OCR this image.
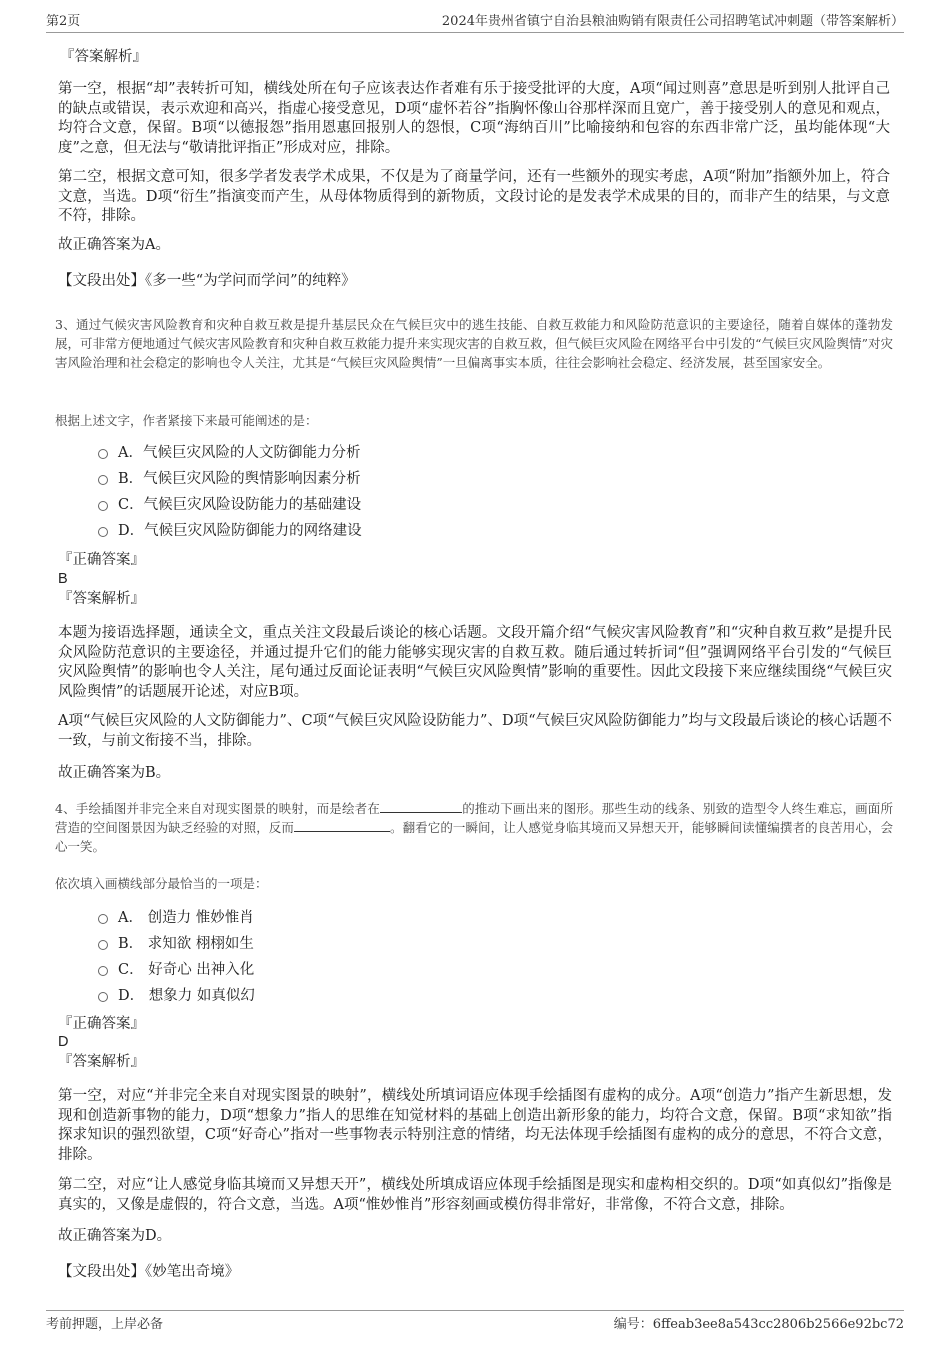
第2页	2024年贵州省镇宁自治县粮油购销有限责任公司招聘笔试冲刺题（带答案解析）
『答案解析』
第一空，根据“却”表转折可知，横线处所在句子应该表达作者难有乐于接受批评的大度，A项“闻过则喜”意思是听到别人批评自己的缺点或错误，表示欢迎和高兴，指虚心接受意见，D项“虚怀若谷”指胸怀像山谷那样深而且宽广，善于接受别人的意见和观点，均符合文意，保留。B项“以德报怨”指用恩惠回报别人的怨恨，C项“海纳百川”比喻接纳和包容的东西非常广泛，虽均能体现“大度”之意，但无法与“敬请批评指正”形成对应，排除。
第二空，根据文意可知，很多学者发表学术成果，不仅是为了商量学问，还有一些额外的现实考虑，A项“附加”指额外加上，符合文意，当选。D项“衍生”指演变而产生，从母体物质得到的新物质，文段讨论的是发表学术成果的目的，而非产生的结果，与文意不符，排除。
故正确答案为A。
【文段出处】《多一些“为学问而学问”的纯粹》
3、通过气候灾害风险教育和灾种自救互救是提升基层民众在气候巨灾中的逃生技能、自救互救能力和风险防范意识的主要途径，随着自媒体的蓬勃发展，可非常方便地通过气候灾害风险教育和灾种自救互救能力提升来实现灾害的自救互救，但气候巨灾风险在网络平台中引发的“气候巨灾风险舆情”对灾害风险治理和社会稳定的影响也令人关注，尤其是“气候巨灾风险舆情”一旦偏离事实本质，往往会影响社会稳定、经济发展，甚至国家安全。
根据上述文字，作者紧接下来最可能阐述的是：
A．气候巨灾风险的人文防御能力分析
B．气候巨灾风险的舆情影响因素分析
C．气候巨灾风险设防能力的基础建设
D．气候巨灾风险防御能力的网络建设
『正确答案』
B
『答案解析』
本题为接语选择题，通读全文，重点关注文段最后谈论的核心话题。文段开篇介绍“气候灾害风险教育”和“灾种自救互救”是提升民众风险防范意识的主要途径，并通过提升它们的能力能够实现灾害的自救互救。随后通过转折词“但”强调网络平台引发的“气候巨灾风险舆情”的影响也令人关注，尾句通过反面论证表明“气候巨灾风险舆情”影响的重要性。因此文段接下来应继续围绕“气候巨灾风险舆情”的话题展开论述，对应B项。
A项“气候巨灾风险的人文防御能力”、C项“气候巨灾风险设防能力”、D项“气候巨灾风险防御能力”均与文段最后谈论的核心话题不一致，与前文衔接不当，排除。
故正确答案为B。
4、手绘插图并非完全来自对现实图景的映射，而是绘者在	的推动下画出来的图形。那些生动的线条、别致的造型令人终生难忘，画面所营造的空间图景因为缺乏经验的对照，反而	。翻看它的一瞬间，让人感觉身临其境而又异想天开，能够瞬间读懂编撰者的良苦用心，会心一笑。
依次填入画横线部分最恰当的一项是：
A． 创造力 惟妙惟肖
B． 求知欲 栩栩如生
C． 好奇心 出神入化
D． 想象力 如真似幻
『正确答案』
D
『答案解析』
第一空，对应“并非完全来自对现实图景的映射”，横线处所填词语应体现手绘插图有虚构的成分。A项“创造力”指产生新思想，发现和创造新事物的能力，D项“想象力”指人的思维在知觉材料的基础上创造出新形象的能力，均符合文意，保留。B项“求知欲”指探求知识的强烈欲望，C项“好奇心”指对一些事物表示特别注意的情绪，均无法体现手绘插图有虚构的成分的意思，不符合文意，排除。
第二空，对应“让人感觉身临其境而又异想天开”，横线处所填成语应体现手绘插图是现实和虚构相交织的。D项“如真似幻”指像是真实的，又像是虚假的，符合文意，当选。A项“惟妙惟肖”形容刻画或模仿得非常好，非常像，不符合文意，排除。
故正确答案为D。
【文段出处】《妙笔出奇境》
考前押题，上岸必备	编号：6ffeab3ee8a543cc2806b2566e92bc72
